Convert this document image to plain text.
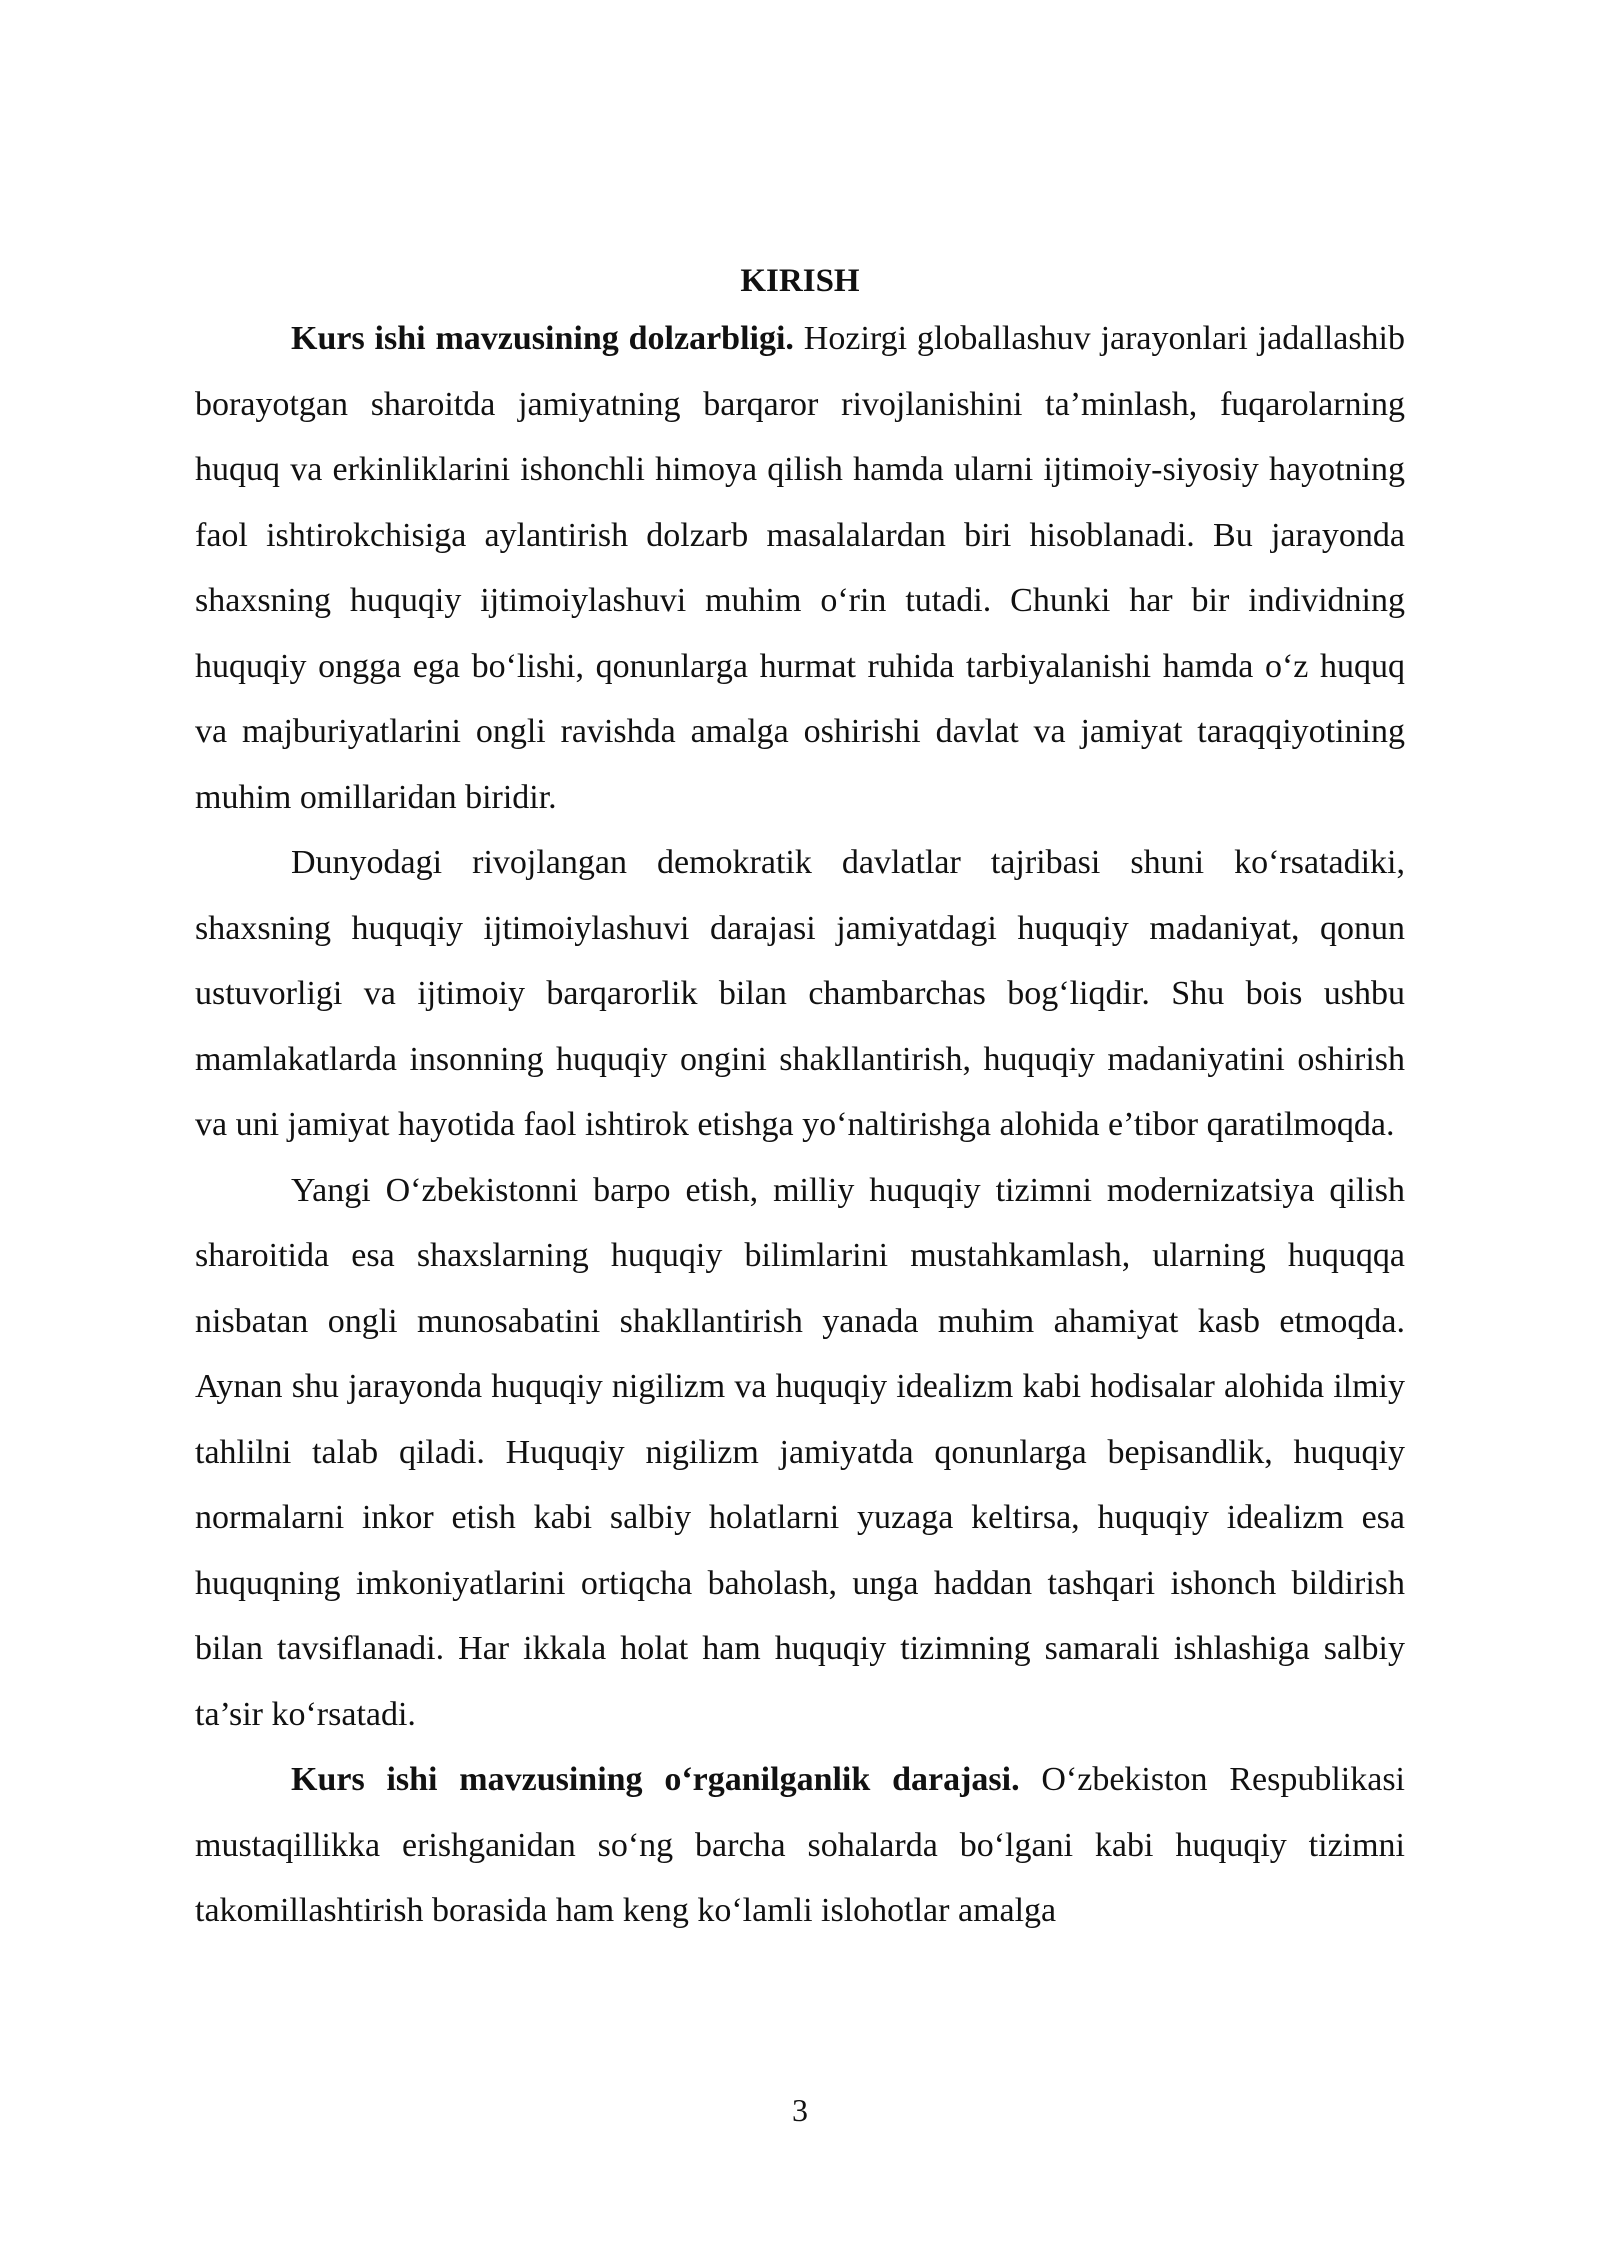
KIRISH

Kurs ishi mavzusining dolzarbligi. Hozirgi globallashuv jarayonlari jadallashib borayotgan sharoitda jamiyatning barqaror rivojlanishini ta’minlash, fuqarolarning huquq va erkinliklarini ishonchli himoya qilish hamda ularni ijtimoiy-siyosiy hayotning faol ishtirokchisiga aylantirish dolzarb masalalardan biri hisoblanadi. Bu jarayonda shaxsning huquqiy ijtimoiylashuvi muhim o‘rin tutadi. Chunki har bir individning huquqiy ongga ega bo‘lishi, qonunlarga hurmat ruhida tarbiyalanishi hamda o‘z huquq va majburiyatlarini ongli ravishda amalga oshirishi davlat va jamiyat taraqqiyotining muhim omillaridan biridir.

Dunyodagi rivojlangan demokratik davlatlar tajribasi shuni ko‘rsatadiki, shaxsning huquqiy ijtimoiylashuvi darajasi jamiyatdagi huquqiy madaniyat, qonun ustuvorligi va ijtimoiy barqarorlik bilan chambarchas bog‘liqdir. Shu bois ushbu mamlakatlarda insonning huquqiy ongini shakllantirish, huquqiy madaniyatini oshirish va uni jamiyat hayotida faol ishtirok etishga yo‘naltirishga alohida e’tibor qaratilmoqda.

Yangi O‘zbekistonni barpo etish, milliy huquqiy tizimni modernizatsiya qilish sharoitida esa shaxslarning huquqiy bilimlarini mustahkamlash, ularning huquqqa nisbatan ongli munosabatini shakllantirish yanada muhim ahamiyat kasb etmoqda. Aynan shu jarayonda huquqiy nigilizm va huquqiy idealizm kabi hodisalar alohida ilmiy tahlilni talab qiladi. Huquqiy nigilizm jamiyatda qonunlarga bepisandlik, huquqiy normalarni inkor etish kabi salbiy holatlarni yuzaga keltirsa, huquqiy idealizm esa huquqning imkoniyatlarini ortiqcha baholash, unga haddan tashqari ishonch bildirish bilan tavsiflanadi. Har ikkala holat ham huquqiy tizimning samarali ishlashiga salbiy ta’sir ko‘rsatadi.

Kurs ishi mavzusining o‘rganilganlik darajasi. O‘zbekiston Respublikasi mustaqillikka erishganidan so‘ng barcha sohalarda bo‘lgani kabi huquqiy tizimni takomillashtirish borasida ham keng ko‘lamli islohotlar amalga

3
